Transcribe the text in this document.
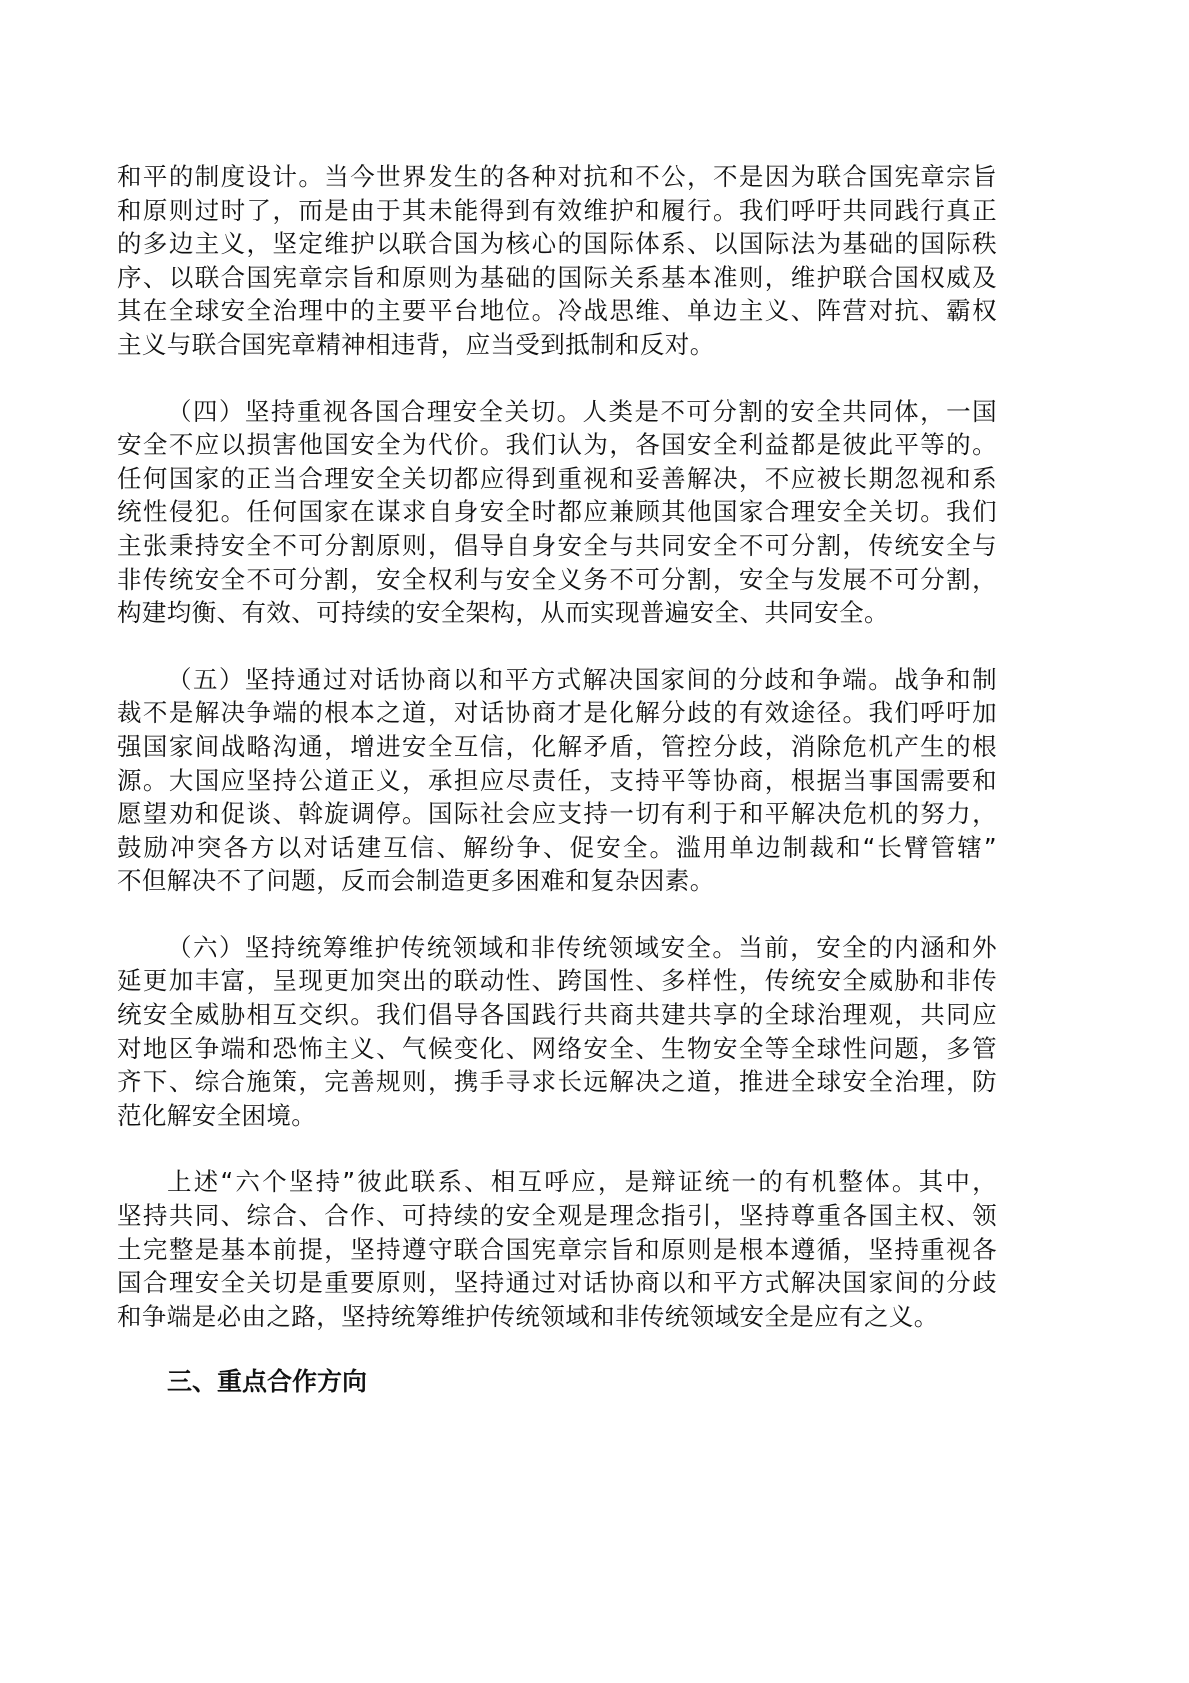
和平的制度设计。当今世界发生的各种对抗和不公，不是因为联合国宪章宗旨
和原则过时了，而是由于其未能得到有效维护和履行。我们呼吁共同践行真正
的多边主义，坚定维护以联合国为核心的国际体系、以国际法为基础的国际秩
序、以联合国宪章宗旨和原则为基础的国际关系基本准则，维护联合国权威及
其在全球安全治理中的主要平台地位。冷战思维、单边主义、阵营对抗、霸权
主义与联合国宪章精神相违背，应当受到抵制和反对。
（四）坚持重视各国合理安全关切。人类是不可分割的安全共同体，一国
安全不应以损害他国安全为代价。我们认为，各国安全利益都是彼此平等的。
任何国家的正当合理安全关切都应得到重视和妥善解决，不应被长期忽视和系
统性侵犯。任何国家在谋求自身安全时都应兼顾其他国家合理安全关切。我们
主张秉持安全不可分割原则，倡导自身安全与共同安全不可分割，传统安全与
非传统安全不可分割，安全权利与安全义务不可分割，安全与发展不可分割，
构建均衡、有效、可持续的安全架构，从而实现普遍安全、共同安全。
（五）坚持通过对话协商以和平方式解决国家间的分歧和争端。战争和制
裁不是解决争端的根本之道，对话协商才是化解分歧的有效途径。我们呼吁加
强国家间战略沟通，增进安全互信，化解矛盾，管控分歧，消除危机产生的根
源。大国应坚持公道正义，承担应尽责任，支持平等协商，根据当事国需要和
愿望劝和促谈、斡旋调停。国际社会应支持一切有利于和平解决危机的努力，
鼓励冲突各方以对话建互信、解纷争、促安全。滥用单边制裁和“长臂管辖”
不但解决不了问题，反而会制造更多困难和复杂因素。
（六）坚持统筹维护传统领域和非传统领域安全。当前，安全的内涵和外
延更加丰富，呈现更加突出的联动性、跨国性、多样性，传统安全威胁和非传
统安全威胁相互交织。我们倡导各国践行共商共建共享的全球治理观，共同应
对地区争端和恐怖主义、气候变化、网络安全、生物安全等全球性问题，多管
齐下、综合施策，完善规则，携手寻求长远解决之道，推进全球安全治理，防
范化解安全困境。
上述“六个坚持”彼此联系、相互呼应，是辩证统一的有机整体。其中，
坚持共同、综合、合作、可持续的安全观是理念指引，坚持尊重各国主权、领
土完整是基本前提，坚持遵守联合国宪章宗旨和原则是根本遵循，坚持重视各
国合理安全关切是重要原则，坚持通过对话协商以和平方式解决国家间的分歧
和争端是必由之路，坚持统筹维护传统领域和非传统领域安全是应有之义。
三、重点合作方向
